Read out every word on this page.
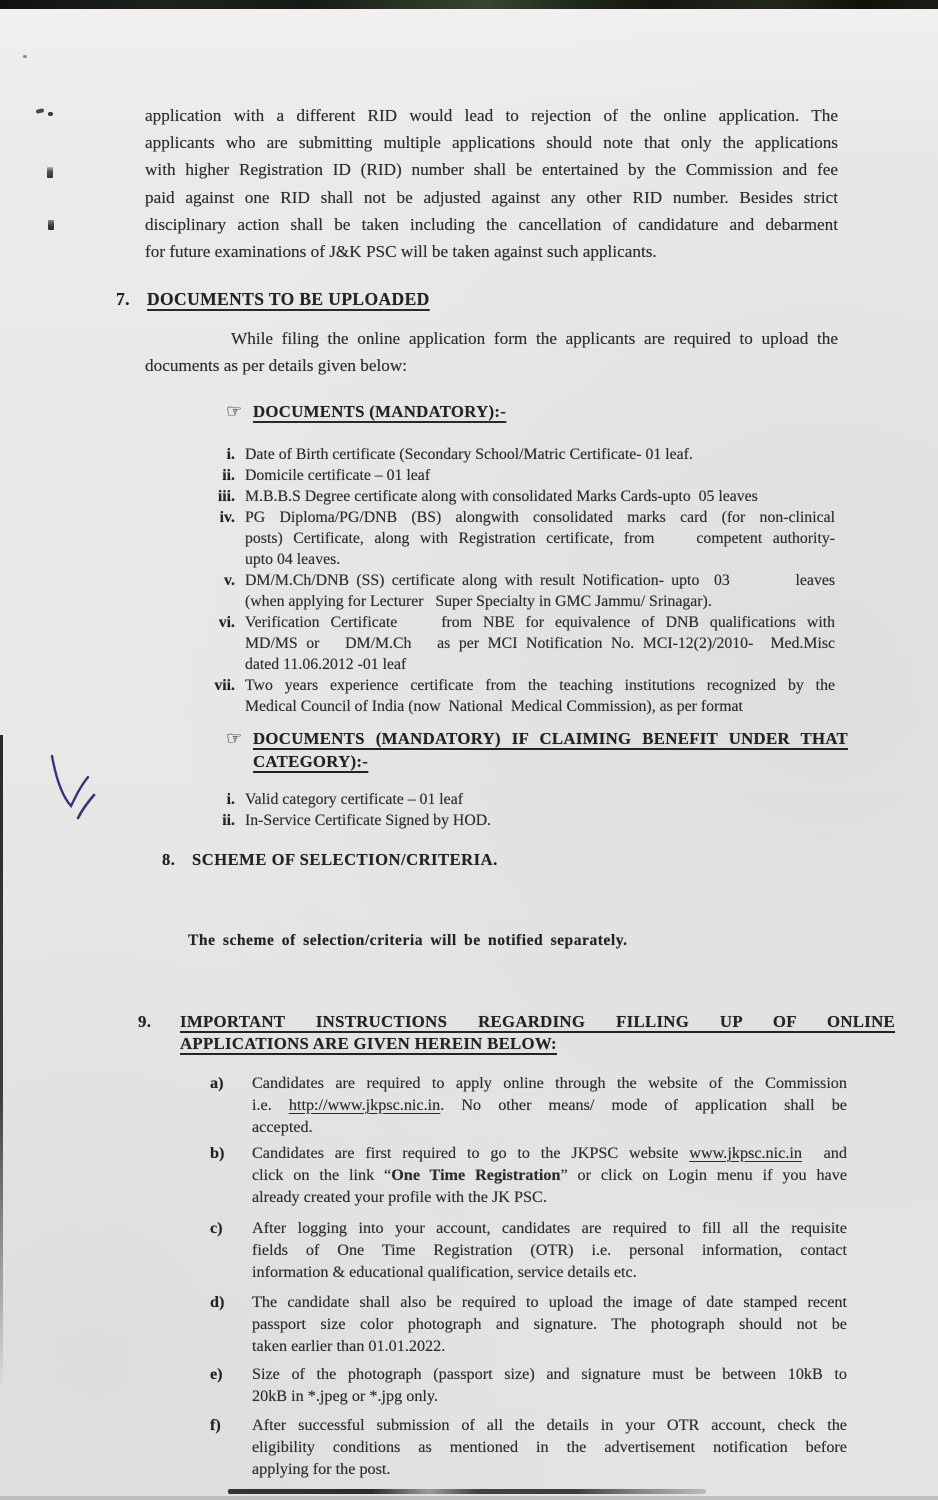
application with a different RID would lead to rejection of the online application. The
applicants who are submitting multiple applications should note that only the applications
with higher Registration ID (RID) number shall be entertained by the Commission and fee
paid against one RID shall not be adjusted against any other RID number. Besides strict
disciplinary action shall be taken including the cancellation of candidature and debarment
for future examinations of J&K PSC will be taken against such applicants.
7. DOCUMENTS TO BE UPLOADED
While filing the online application form the applicants are required to upload the
documents as per details given below:
☞ DOCUMENTS (MANDATORY):-
i. Date of Birth certificate (Secondary School/Matric Certificate- 01 leaf.
ii. Domicile certificate – 01 leaf
iii. M.B.B.S Degree certificate along with consolidated Marks Cards-upto  05 leaves
iv. PG Diploma/PG/DNB (BS) alongwith consolidated marks card (for non-clinical
posts) Certificate, along with Registration certificate, from    competent authority-
upto 04 leaves.
v. DM/M.Ch/DNB (SS) certificate along with result Notification- upto  03         leaves
(when applying for Lecturer   Super Specialty in GMC Jammu/ Srinagar).
vi. Verification Certificate    from NBE for equivalence of DNB qualifications with
MD/MS or   DM/M.Ch   as per MCI Notification No. MCI-12(2)/2010-  Med.Misc
dated 11.06.2012 -01 leaf
vii. Two years experience certificate from the teaching institutions recognized by the
Medical Council of India (now  National  Medical Commission), as per format
☞ DOCUMENTS (MANDATORY) IF CLAIMING BENEFIT UNDER THAT
CATEGORY):-
i. Valid category certificate – 01 leaf
ii. In-Service Certificate Signed by HOD.
8. SCHEME OF SELECTION/CRITERIA.
The scheme of selection/criteria will be notified separately.
9.	IMPORTANT INSTRUCTIONS REGARDING FILLING UP OF ONLINE
APPLICATIONS ARE GIVEN HEREIN BELOW:
a)	Candidates are required to apply online through the website of the Commission
i.e. http://www.jkpsc.nic.in. No other means/ mode of application shall be
accepted.
b)	Candidates are first required to go to the JKPSC website www.jkpsc.nic.in  and
click on the link “One Time Registration” or click on Login menu if you have
already created your profile with the JK PSC.
c)	After logging into your account, candidates are required to fill all the requisite
fields of One Time Registration (OTR) i.e. personal information, contact
information & educational qualification, service details etc.
d)	The candidate shall also be required to upload the image of date stamped recent
passport size color photograph and signature. The photograph should not be
taken earlier than 01.01.2022.
e)	Size of the photograph (passport size) and signature must be between 10kB to
20kB in *.jpeg or *.jpg only.
f)	After successful submission of all the details in your OTR account, check the
eligibility conditions as mentioned in the advertisement notification before
applying for the post.
